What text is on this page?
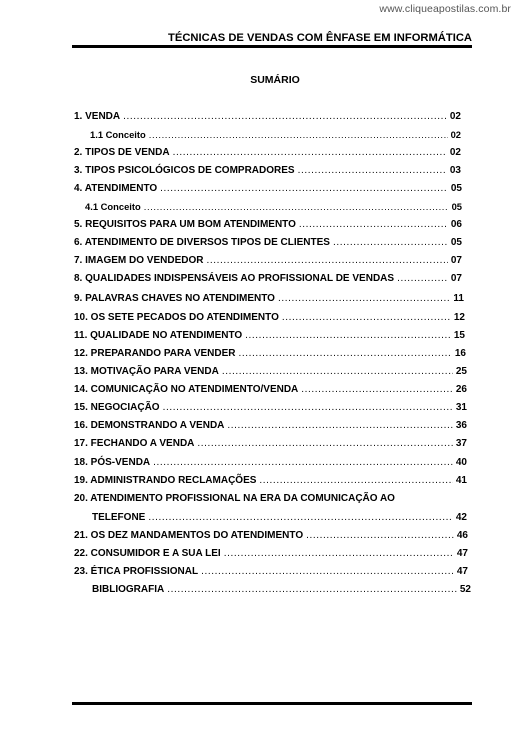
www.cliqueapostilas.com.br
TÉCNICAS DE VENDAS COM ÊNFASE EM INFORMÁTICA
SUMÁRIO
1. VENDA .....	02
1.1 Conceito .....	02
2. TIPOS DE VENDA .....	02
3. TIPOS PSICOLÓGICOS DE COMPRADORES .....	03
4. ATENDIMENTO .....	05
4.1 Conceito .....	05
5. REQUISITOS PARA UM BOM ATENDIMENTO .....	06
6. ATENDIMENTO DE DIVERSOS TIPOS DE CLIENTES .....	05
7. IMAGEM DO VENDEDOR .....	07
8. QUALIDADES INDISPENSÁVEIS AO PROFISSIONAL DE VENDAS .....	07
9. PALAVRAS CHAVES NO ATENDIMENTO .....	11
10. OS SETE PECADOS DO ATENDIMENTO .....	12
11. QUALIDADE NO ATENDIMENTO .....	15
12. PREPARANDO PARA VENDER .....	16
13. MOTIVAÇÃO PARA VENDA .....	25
14. COMUNICAÇÃO NO ATENDIMENTO/VENDA .....	26
15. NEGOCIAÇÃO .....	31
16. DEMONSTRANDO A VENDA .....	36
17. FECHANDO A VENDA .....	37
18. PÓS-VENDA .....	40
19. ADMINISTRANDO RECLAMAÇÕES .....	41
20. ATENDIMENTO PROFISSIONAL NA ERA DA COMUNICAÇÃO AO
TELEFONE .....	42
21. OS DEZ MANDAMENTOS DO ATENDIMENTO .....	46
22. CONSUMIDOR E A SUA LEI .....	47
23. ÉTICA PROFISSIONAL .....	47
BIBLIOGRAFIA .....	52
